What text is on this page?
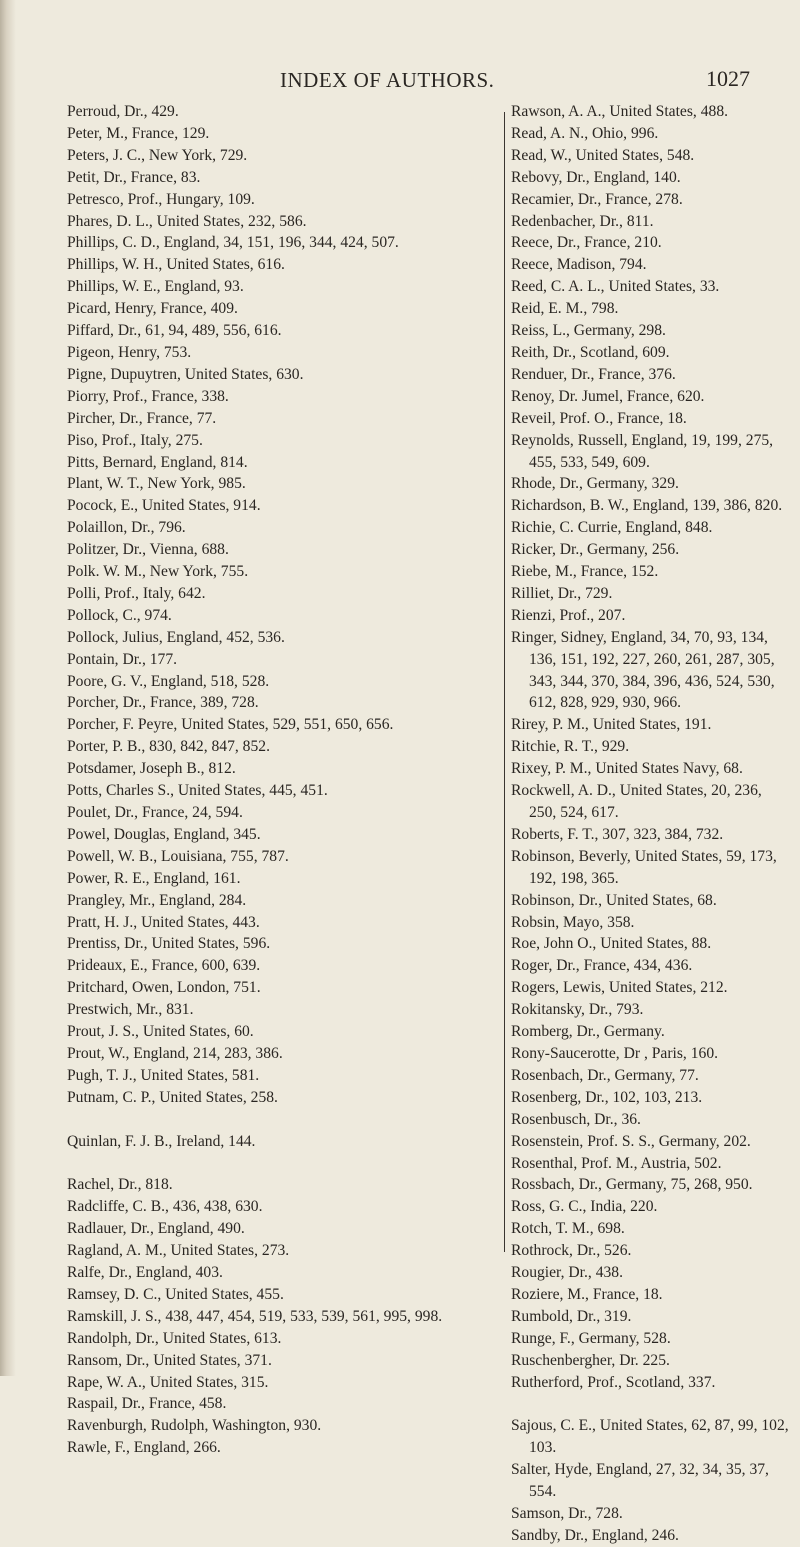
INDEX OF AUTHORS.	1027
Perroud, Dr., 429.
Peter, M., France, 129.
Peters, J. C., New York, 729.
Petit, Dr., France, 83.
Petresco, Prof., Hungary, 109.
Phares, D. L., United States, 232, 586.
Phillips, C. D., England, 34, 151, 196, 344, 424, 507.
Phillips, W. H., United States, 616.
Phillips, W. E., England, 93.
Picard, Henry, France, 409.
Piffard, Dr., 61, 94, 489, 556, 616.
Pigeon, Henry, 753.
Pigne, Dupuytren, United States, 630.
Piorry, Prof., France, 338.
Pircher, Dr., France, 77.
Piso, Prof., Italy, 275.
Pitts, Bernard, England, 814.
Plant, W. T., New York, 985.
Pocock, E., United States, 914.
Polaillon, Dr., 796.
Politzer, Dr., Vienna, 688.
Polk. W. M., New York, 755.
Polli, Prof., Italy, 642.
Pollock, C., 974.
Pollock, Julius, England, 452, 536.
Pontain, Dr., 177.
Poore, G. V., England, 518, 528.
Porcher, Dr., France, 389, 728.
Porcher, F. Peyre, United States, 529, 551, 650, 656.
Porter, P. B., 830, 842, 847, 852.
Potsdamer, Joseph B., 812.
Potts, Charles S., United States, 445, 451.
Poulet, Dr., France, 24, 594.
Powel, Douglas, England, 345.
Powell, W. B., Louisiana, 755, 787.
Power, R. E., England, 161.
Prangley, Mr., England, 284.
Pratt, H. J., United States, 443.
Prentiss, Dr., United States, 596.
Prideaux, E., France, 600, 639.
Pritchard, Owen, London, 751.
Prestwich, Mr., 831.
Prout, J. S., United States, 60.
Prout, W., England, 214, 283, 386.
Pugh, T. J., United States, 581.
Putnam, C. P., United States, 258.
Quinlan, F. J. B., Ireland, 144.
Rachel, Dr., 818.
Radcliffe, C. B., 436, 438, 630.
Radlauer, Dr., England, 490.
Ragland, A. M., United States, 273.
Ralfe, Dr., England, 403.
Ramsey, D. C., United States, 455.
Ramskill, J. S., 438, 447, 454, 519, 533, 539, 561, 995, 998.
Randolph, Dr., United States, 613.
Ransom, Dr., United States, 371.
Rape, W. A., United States, 315.
Raspail, Dr., France, 458.
Ravenburgh, Rudolph, Washington, 930.
Rawle, F., England, 266.
Rawson, A. A., United States, 488.
Read, A. N., Ohio, 996.
Read, W., United States, 548.
Rebovy, Dr., England, 140.
Recamier, Dr., France, 278.
Redenbacher, Dr., 811.
Reece, Dr., France, 210.
Reece, Madison, 794.
Reed, C. A. L., United States, 33.
Reid, E. M., 798.
Reiss, L., Germany, 298.
Reith, Dr., Scotland, 609.
Renduer, Dr., France, 376.
Renoy, Dr. Jumel, France, 620.
Reveil, Prof. O., France, 18.
Reynolds, Russell, England, 19, 199, 275, 455, 533, 549, 609.
Rhode, Dr., Germany, 329.
Richardson, B. W., England, 139, 386, 820.
Richie, C. Currie, England, 848.
Ricker, Dr., Germany, 256.
Riebe, M., France, 152.
Rilliet, Dr., 729.
Rienzi, Prof., 207.
Ringer, Sidney, England, 34, 70, 93, 134, 136, 151, 192, 227, 260, 261, 287, 305, 343, 344, 370, 384, 396, 436, 524, 530, 612, 828, 929, 930, 966.
Rirey, P. M., United States, 191.
Ritchie, R. T., 929.
Rixey, P. M., United States Navy, 68.
Rockwell, A. D., United States, 20, 236, 250, 524, 617.
Roberts, F. T., 307, 323, 384, 732.
Robinson, Beverly, United States, 59, 173, 192, 198, 365.
Robinson, Dr., United States, 68.
Robsin, Mayo, 358.
Roe, John O., United States, 88.
Roger, Dr., France, 434, 436.
Rogers, Lewis, United States, 212.
Rokitansky, Dr., 793.
Romberg, Dr., Germany.
Rony-Saucerotte, Dr , Paris, 160.
Rosenbach, Dr., Germany, 77.
Rosenberg, Dr., 102, 103, 213.
Rosenbusch, Dr., 36.
Rosenstein, Prof. S. S., Germany, 202.
Rosenthal, Prof. M., Austria, 502.
Rossbach, Dr., Germany, 75, 268, 950.
Ross, G. C., India, 220.
Rotch, T. M., 698.
Rothrock, Dr., 526.
Rougier, Dr., 438.
Roziere, M., France, 18.
Rumbold, Dr., 319.
Runge, F., Germany, 528.
Ruschenbergher, Dr. 225.
Rutherford, Prof., Scotland, 337.
Sajous, C. E., United States, 62, 87, 99, 102, 103.
Salter, Hyde, England, 27, 32, 34, 35, 37, 554.
Samson, Dr., 728.
Sandby, Dr., England, 246.
